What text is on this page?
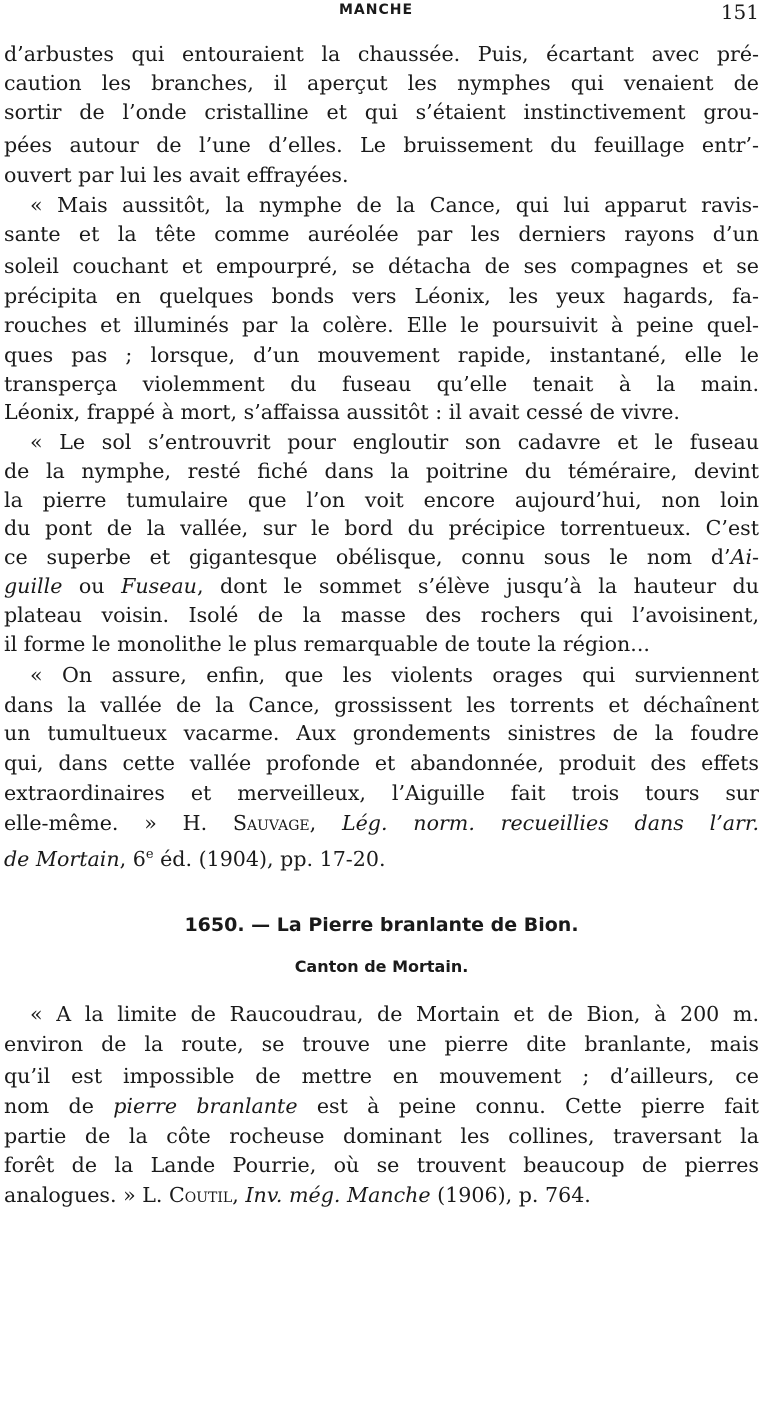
MANCHE	151
d’arbustes qui entouraient la chaussée. Puis, écartant avec pré-
caution les branches, il aperçut les nymphes qui venaient de
sortir de l’onde cristalline et qui s’étaient instinctivement grou-
pées autour de l’une d’elles. Le bruissement du feuillage entr’-
ouvert par lui les avait effrayées.
« Mais aussitôt, la nymphe de la Cance, qui lui apparut ravis-
sante et la tête comme auréolée par les derniers rayons d’un
soleil couchant et empourpré, se détacha de ses compagnes et se
précipita en quelques bonds vers Léonix, les yeux hagards, fa-
rouches et illuminés par la colère. Elle le poursuivit à peine quel-
ques pas ; lorsque, d’un mouvement rapide, instantané, elle le
transperça violemment du fuseau qu’elle tenait à la main.
Léonix, frappé à mort, s’affaissa aussitôt : il avait cessé de vivre.
« Le sol s’entrouvrit pour engloutir son cadavre et le fuseau
de la nymphe, resté fiché dans la poitrine du téméraire, devint
la pierre tumulaire que l’on voit encore aujourd’hui, non loin
du pont de la vallée, sur le bord du précipice torrentueux. C’est
ce superbe et gigantesque obélisque, connu sous le nom d’Ai-
guille ou Fuseau, dont le sommet s’élève jusqu’à la hauteur du
plateau voisin. Isolé de la masse des rochers qui l’avoisinent,
il forme le monolithe le plus remarquable de toute la région...
« On assure, enfin, que les violents orages qui surviennent
dans la vallée de la Cance, grossissent les torrents et déchaînent
un tumultueux vacarme. Aux grondements sinistres de la foudre
qui, dans cette vallée profonde et abandonnée, produit des effets
extraordinaires et merveilleux, l’Aiguille fait trois tours sur
elle-même. » H. Sauvage, Lég. norm. recueillies dans l’arr.
de Mortain, 6e éd. (1904), pp. 17-20.
1650. — La Pierre branlante de Bion.
Canton de Mortain.
« A la limite de Raucoudrau, de Mortain et de Bion, à 200 m.
environ de la route, se trouve une pierre dite branlante, mais
qu’il est impossible de mettre en mouvement ; d’ailleurs, ce
nom de pierre branlante est à peine connu. Cette pierre fait
partie de la côte rocheuse dominant les collines, traversant la
forêt de la Lande Pourrie, où se trouvent beaucoup de pierres
analogues. » L. Coutil, Inv. még. Manche (1906), p. 764.
